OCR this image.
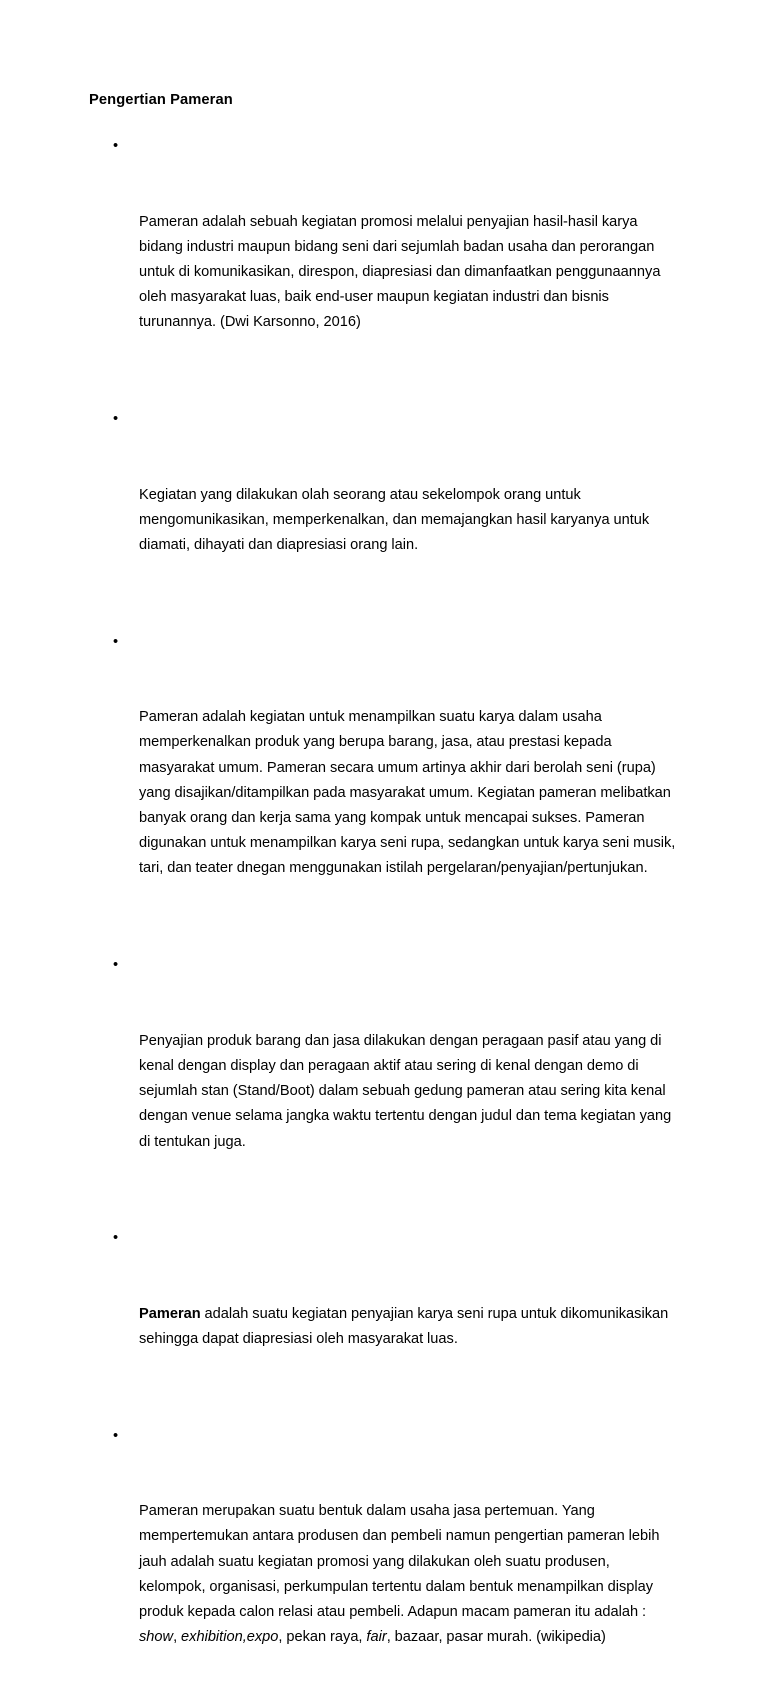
Pengertian Pameran

•

Pameran adalah sebuah kegiatan promosi melalui penyajian hasil-hasil karya bidang industri maupun bidang seni dari sejumlah badan usaha dan perorangan untuk di komunikasikan, direspon, diapresiasi dan dimanfaatkan penggunaannya oleh masyarakat luas, baik end-user maupun kegiatan industri dan bisnis turunannya. (Dwi Karsonno, 2016)

•

Kegiatan yang dilakukan olah seorang atau sekelompok orang untuk mengomunikasikan, memperkenalkan, dan memajangkan hasil karyanya untuk diamati, dihayati dan diapresiasi orang lain.

•

Pameran adalah kegiatan untuk menampilkan suatu karya dalam usaha memperkenalkan produk yang berupa barang, jasa, atau prestasi kepada masyarakat umum. Pameran secara umum artinya akhir dari berolah seni (rupa) yang disajikan/ditampilkan pada masyarakat umum. Kegiatan pameran melibatkan banyak orang dan kerja sama yang kompak untuk mencapai sukses. Pameran digunakan untuk menampilkan karya seni rupa, sedangkan untuk karya seni musik, tari, dan teater dnegan menggunakan istilah pergelaran/penyajian/pertunjukan.

•

Penyajian produk barang dan jasa dilakukan dengan peragaan pasif atau yang di kenal dengan display dan peragaan aktif atau sering di kenal dengan demo di sejumlah stan (Stand/Boot) dalam sebuah gedung pameran atau sering kita kenal dengan venue selama jangka waktu tertentu dengan judul dan tema kegiatan yang di tentukan juga.

•

Pameran adalah suatu kegiatan penyajian karya seni rupa untuk dikomunikasikan sehingga dapat diapresiasi oleh masyarakat luas.

•

Pameran merupakan suatu bentuk dalam usaha jasa pertemuan. Yang mempertemukan antara produsen dan pembeli namun pengertian pameran lebih jauh adalah suatu kegiatan promosi yang dilakukan oleh suatu produsen, kelompok, organisasi, perkumpulan tertentu dalam bentuk menampilkan display produk kepada calon relasi atau pembeli. Adapun macam pameran itu adalah : show, exhibition,expo, pekan raya, fair, bazaar, pasar murah. (wikipedia)
